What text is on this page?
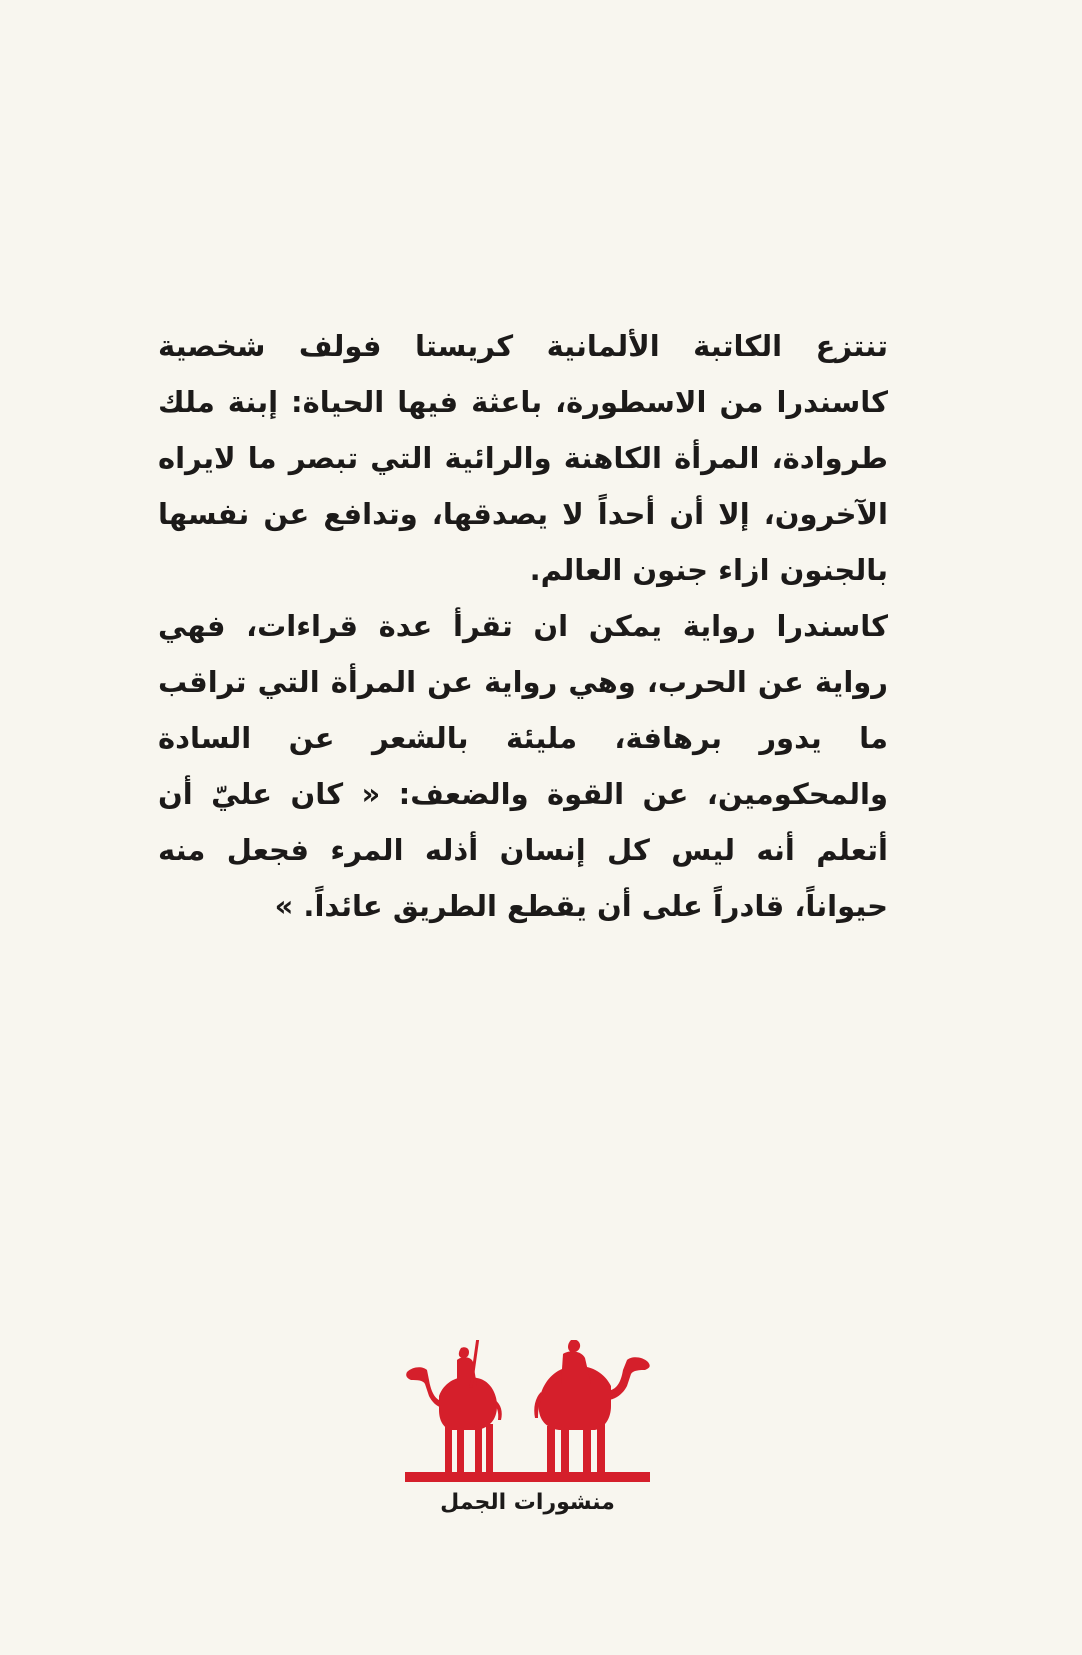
تنتزع الكاتبة الألمانية كريستا فولف شخصية كاسندرا من الاسطورة، باعثة فيها الحياة: إبنة ملك طروادة، المرأة الكاهنة والرائية التي تبصر ما لايراه الآخرون، إلا أن أحداً لا يصدقها، وتدافع عن نفسها بالجنون ازاء جنون العالم.

كاسندرا رواية يمكن ان تقرأ عدة قراءات، فهي رواية عن الحرب، وهي رواية عن المرأة التي تراقب ما يدور برهافة، مليئة بالشعر عن السادة والمحكومين، عن القوة والضعف: « كان عليّ أن أتعلم أنه ليس كل إنسان أذله المرء فجعل منه حيواناً، قادراً على أن يقطع الطريق عائداً. »

منشورات الجمل
